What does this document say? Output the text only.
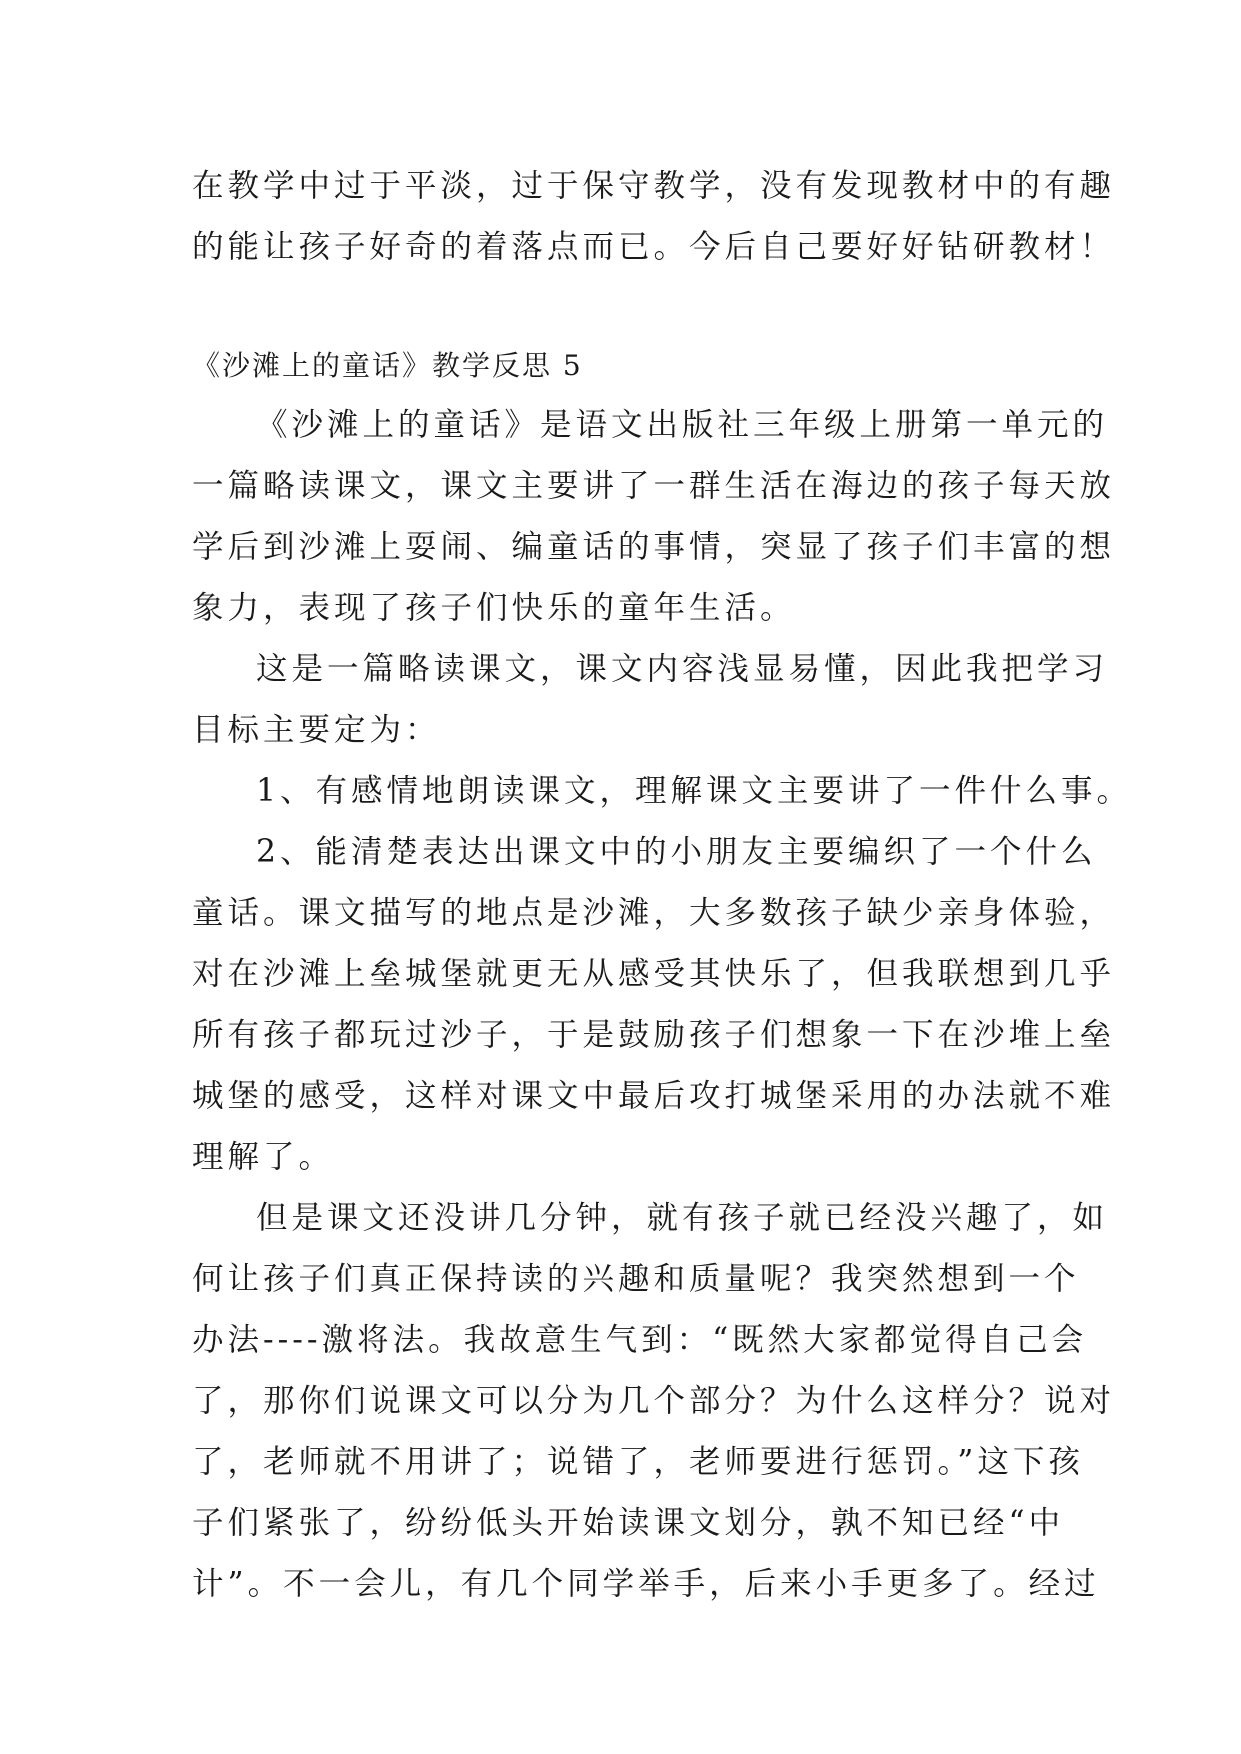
在教学中过于平淡，过于保守教学，没有发现教材中的有趣
的能让孩子好奇的着落点而已。今后自己要好好钻研教材！
《沙滩上的童话》教学反思 5
《沙滩上的童话》是语文出版社三年级上册第一单元的
一篇略读课文，课文主要讲了一群生活在海边的孩子每天放
学后到沙滩上耍闹、编童话的事情，突显了孩子们丰富的想
象力，表现了孩子们快乐的童年生活。
这是一篇略读课文，课文内容浅显易懂，因此我把学习
目标主要定为：
1、有感情地朗读课文，理解课文主要讲了一件什么事。
2、能清楚表达出课文中的小朋友主要编织了一个什么
童话。课文描写的地点是沙滩，大多数孩子缺少亲身体验，
对在沙滩上垒城堡就更无从感受其快乐了，但我联想到几乎
所有孩子都玩过沙子，于是鼓励孩子们想象一下在沙堆上垒
城堡的感受，这样对课文中最后攻打城堡采用的办法就不难
理解了。
但是课文还没讲几分钟，就有孩子就已经没兴趣了，如
何让孩子们真正保持读的兴趣和质量呢？我突然想到一个
办法----激将法。我故意生气到：“既然大家都觉得自己会
了，那你们说课文可以分为几个部分？为什么这样分？说对
了，老师就不用讲了；说错了，老师要进行惩罚。”这下孩
子们紧张了，纷纷低头开始读课文划分，孰不知已经“中
计”。不一会儿，有几个同学举手，后来小手更多了。经过
